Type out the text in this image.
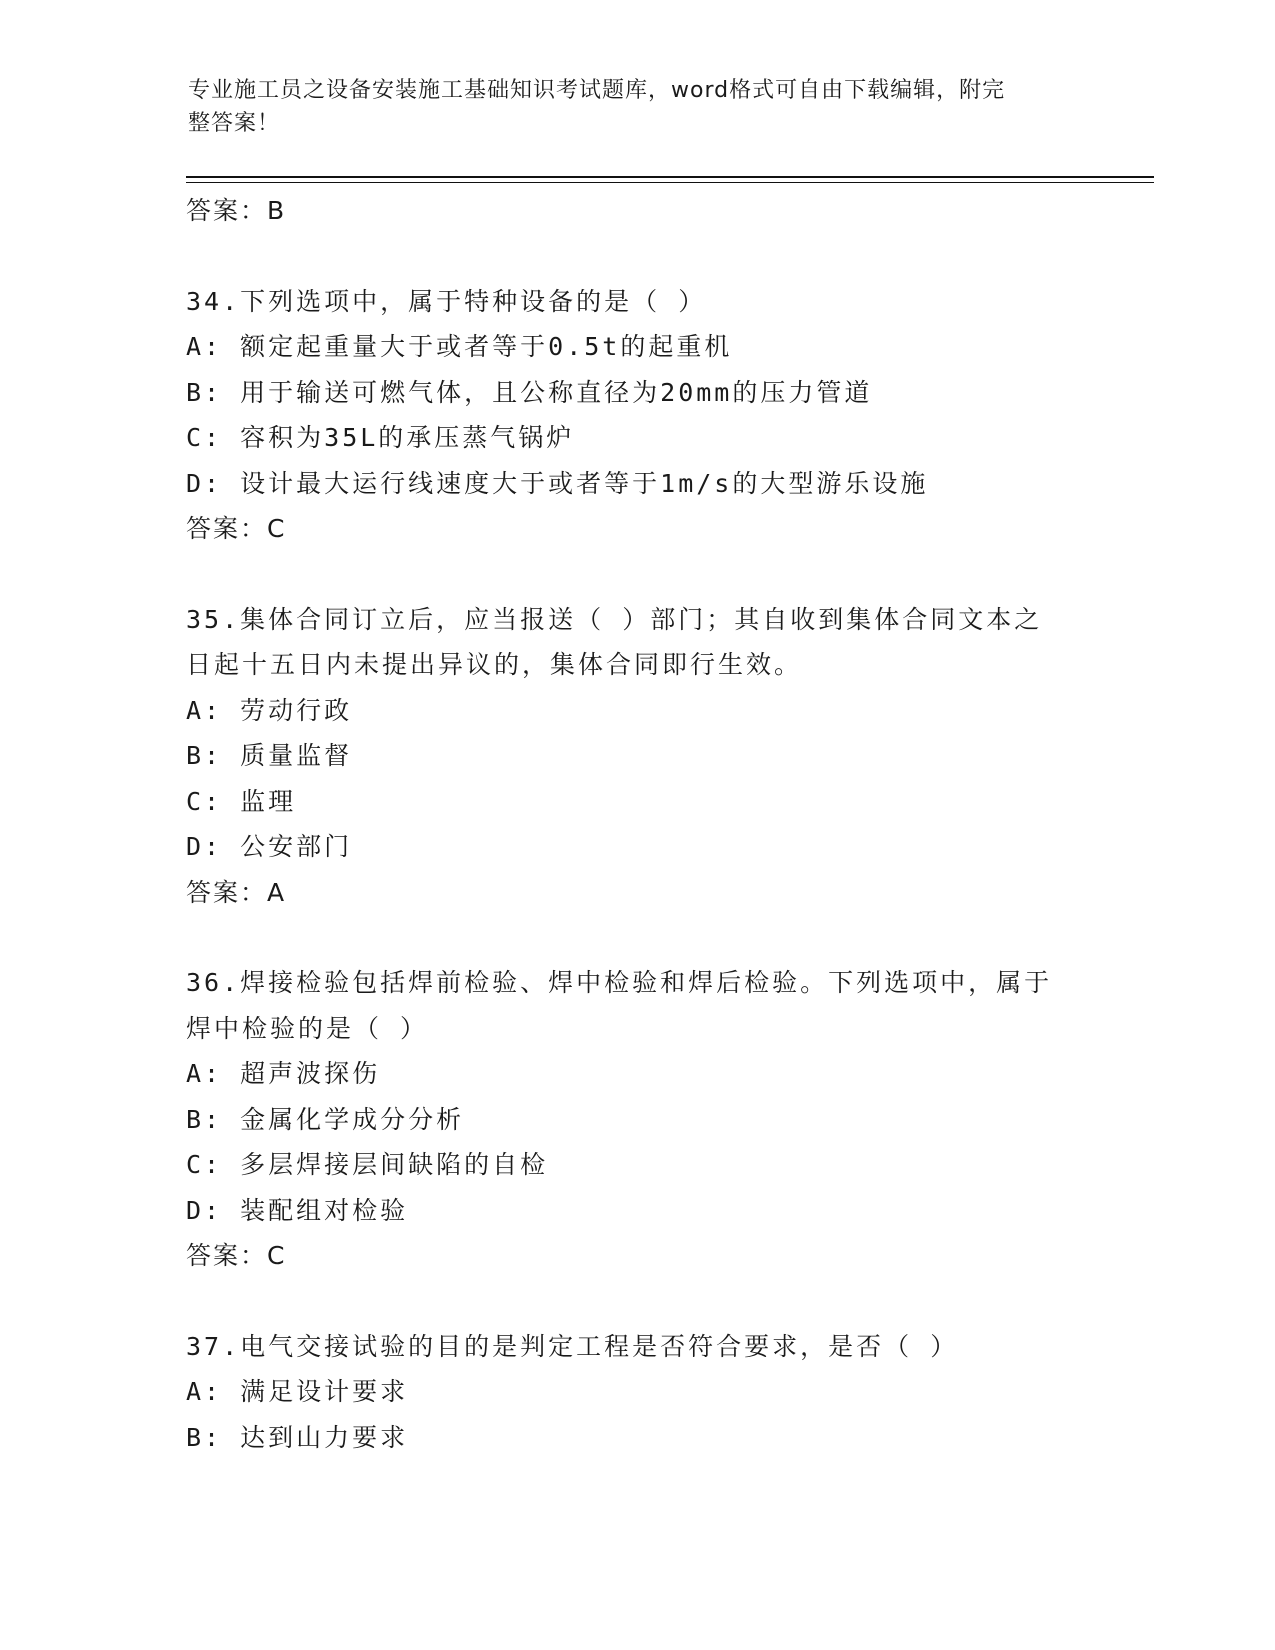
专业施工员之设备安装施工基础知识考试题库，word格式可自由下载编辑，附完
整答案！
答案：B
34.下列选项中，属于特种设备的是（ ）
A: 额定起重量大于或者等于0.5t的起重机
B: 用于输送可燃气体，且公称直径为20mm的压力管道
C: 容积为35L的承压蒸气锅炉
D: 设计最大运行线速度大于或者等于1m/s的大型游乐设施
答案：C
35.集体合同订立后，应当报送（ ）部门；其自收到集体合同文本之
日起十五日内未提出异议的，集体合同即行生效。
A: 劳动行政
B: 质量监督
C: 监理
D: 公安部门
答案：A
36.焊接检验包括焊前检验、焊中检验和焊后检验。下列选项中，属于
焊中检验的是（ ）
A: 超声波探伤
B: 金属化学成分分析
C: 多层焊接层间缺陷的自检
D: 装配组对检验
答案：C
37.电气交接试验的目的是判定工程是否符合要求，是否（ ）
A: 满足设计要求
B: 达到山力要求
